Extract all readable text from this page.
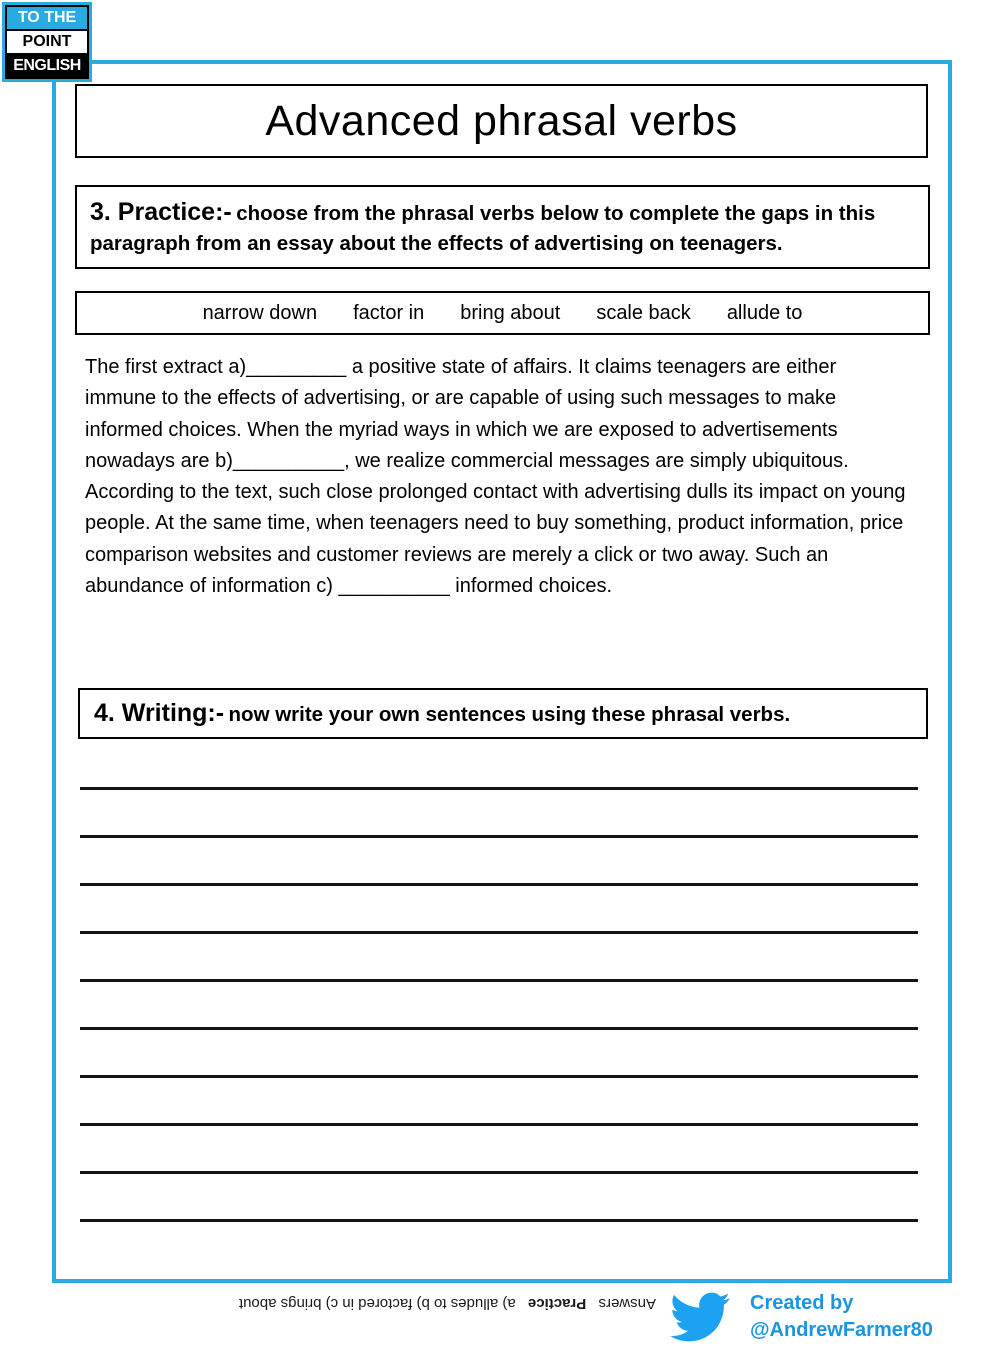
TO THE
POINT
ENGLISH
Advanced phrasal verbs
3. Practice:- choose from the phrasal verbs below to complete the gaps in this paragraph from an essay about the effects of advertising on teenagers.
narrow down factor in bring about scale back allude to

The first extract a)_________ a positive state of affairs. It claims teenagers are either immune to the effects of advertising, or are capable of using such messages to make informed choices. When the myriad ways in which we are exposed to advertisements nowadays are b)__________, we realize commercial messages are simply ubiquitous. According to the text, such close prolonged contact with advertising dulls its impact on young people. At the same time, when teenagers need to buy something, product information, price comparison websites and customer reviews are merely a click or two away. Such an abundance of information c) __________ informed choices.

4. Writing:- now write your own sentences using these phrasal verbs.
Answers Practice a) alludes to b) factored in c) brings about	Created by
@AndrewFarmer80
